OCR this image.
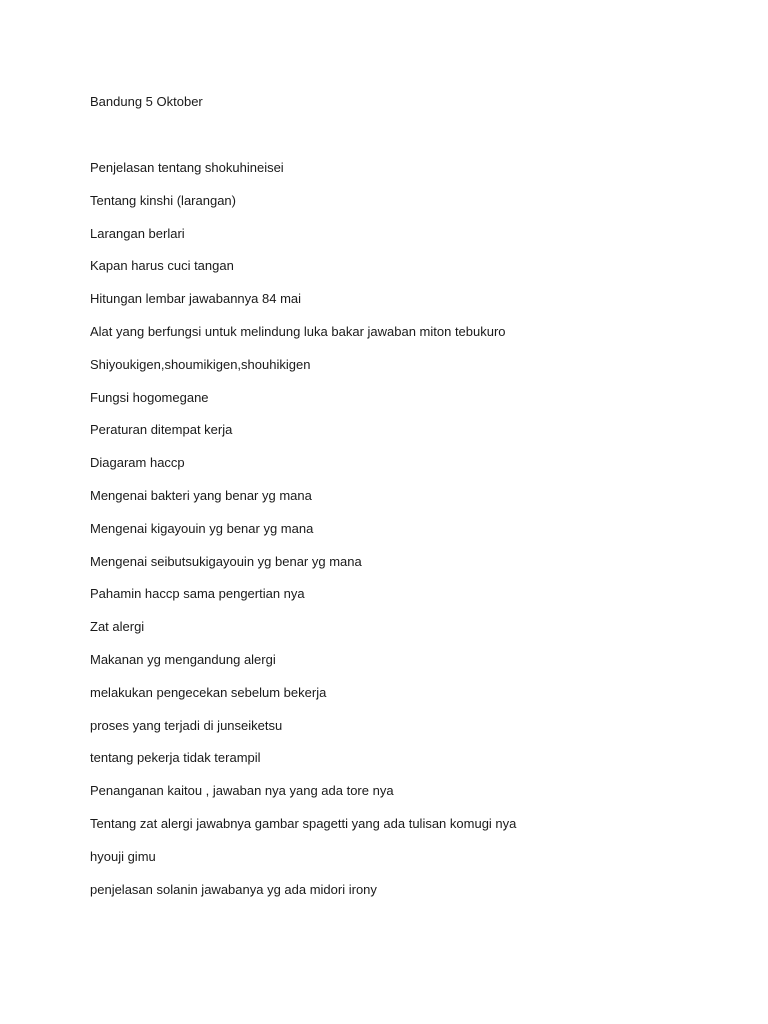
Bandung 5 Oktober

Penjelasan tentang shokuhineisei
Tentang kinshi (larangan)
Larangan berlari
Kapan harus cuci tangan
Hitungan lembar jawabannya 84 mai
Alat yang berfungsi untuk melindung luka bakar jawaban miton tebukuro
Shiyoukigen,shoumikigen,shouhikigen
Fungsi hogomegane
Peraturan ditempat kerja
Diagaram haccp
Mengenai bakteri yang benar yg mana
Mengenai kigayouin yg benar yg mana
Mengenai seibutsukigayouin yg benar yg mana
Pahamin haccp sama pengertian nya
Zat alergi
Makanan yg mengandung alergi
melakukan pengecekan sebelum bekerja
proses yang terjadi di junseiketsu
tentang pekerja tidak terampil
Penanganan kaitou , jawaban nya yang ada tore nya
Tentang zat alergi jawabnya gambar spagetti yang ada tulisan komugi nya
hyouji gimu
penjelasan solanin jawabanya yg ada midori irony
